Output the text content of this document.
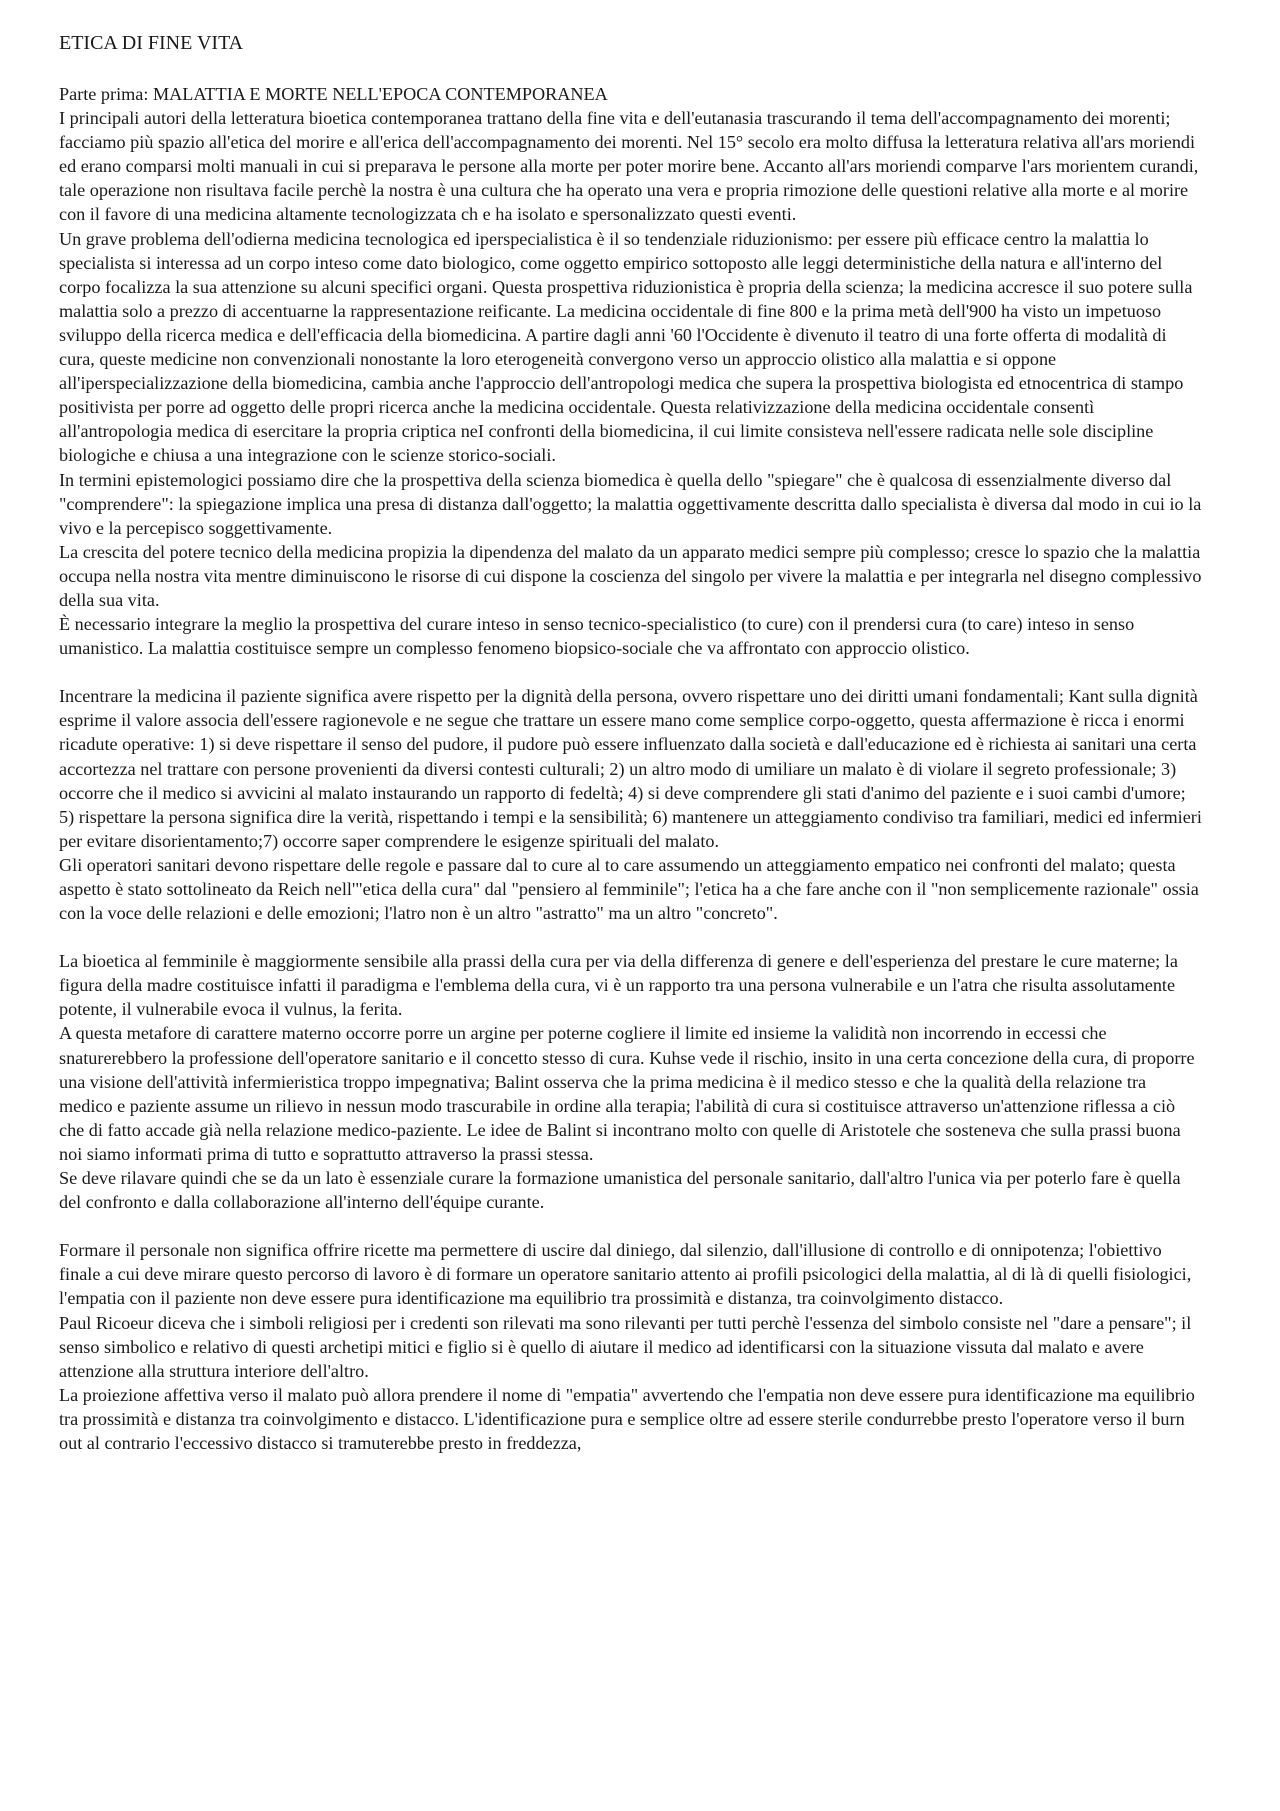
ETICA DI FINE VITA

Parte prima: MALATTIA E MORTE NELL'EPOCA CONTEMPORANEA

I principali autori della letteratura bioetica contemporanea trattano della fine vita e dell'eutanasia trascurando il tema dell'accompagnamento dei morenti; facciamo più spazio all'etica del morire e all'erica dell'accompagnamento dei morenti. Nel 15° secolo era molto diffusa la letteratura relativa all'ars moriendi ed erano comparsi molti manuali in cui si preparava le persone alla morte per poter morire bene. Accanto all'ars moriendi comparve l'ars morientem curandi, tale operazione non risultava facile perchè la nostra è una cultura che ha operato una vera e propria rimozione delle questioni relative alla morte e al morire con il favore di una medicina altamente tecnologizzata ch e ha isolato e spersonalizzato questi eventi.

Un grave problema dell'odierna medicina tecnologica ed iperspecialistica è il so tendenziale riduzionismo: per essere più efficace centro la malattia lo specialista si interessa ad un corpo inteso come dato biologico, come oggetto empirico sottoposto alle leggi deterministiche della natura e all'interno del corpo focalizza la sua attenzione su alcuni specifici organi. Questa prospettiva riduzionistica è propria della scienza; la medicina accresce il suo potere sulla malattia solo a prezzo di accentuarne la rappresentazione reificante. La medicina occidentale di fine 800 e la prima metà dell'900 ha visto un impetuoso sviluppo della ricerca medica e dell'efficacia della biomedicina. A partire dagli anni '60 l'Occidente è divenuto il teatro di una forte offerta di modalità di cura, queste medicine non convenzionali nonostante la loro eterogeneità convergono verso un approccio olistico alla malattia e si oppone all'iperspecializzazione della biomedicina, cambia anche l'approccio dell'antropologi medica che supera la prospettiva biologista ed etnocentrica di stampo positivista per porre ad oggetto delle propri ricerca anche la medicina occidentale. Questa relativizzazione della medicina occidentale consentì all'antropologia medica di esercitare la propria criptica neI confronti della biomedicina, il cui limite consisteva nell'essere radicata nelle sole discipline biologiche e chiusa a una integrazione con le scienze storico-sociali.

In termini epistemologici possiamo dire che la prospettiva della scienza biomedica è quella dello "spiegare" che è qualcosa di essenzialmente diverso dal "comprendere": la spiegazione implica una presa di distanza dall'oggetto; la malattia oggettivamente descritta dallo specialista è diversa dal modo in cui io la vivo e la percepisco soggettivamente.

La crescita del potere tecnico della medicina propizia la dipendenza del malato da un apparato medici sempre più complesso; cresce lo spazio che la malattia occupa nella nostra vita mentre diminuiscono le risorse di cui dispone la coscienza del singolo per vivere la malattia e per integrarla nel disegno complessivo della sua vita.

È necessario integrare la meglio la prospettiva del curare inteso in senso tecnico-specialistico (to cure) con il prendersi cura (to care) inteso in senso umanistico. La malattia costituisce sempre un complesso fenomeno biopsico-sociale che va affrontato con approccio olistico.

Incentrare la medicina il paziente significa avere rispetto per la dignità della persona, ovvero rispettare uno dei diritti umani fondamentali; Kant sulla dignità esprime il valore associa dell'essere ragionevole e ne segue che trattare un essere mano come semplice corpo-oggetto, questa affermazione è ricca i enormi ricadute operative: 1) si deve rispettare il senso del pudore, il pudore può essere influenzato dalla società e dall'educazione ed è richiesta ai sanitari una certa accortezza nel trattare con persone provenienti da diversi contesti culturali; 2) un altro modo di umiliare un malato è di violare il segreto professionale; 3) occorre che il medico si avvicini al malato instaurando un rapporto di fedeltà; 4) si deve comprendere gli stati d'animo del paziente e i suoi cambi d'umore; 5) rispettare la persona significa dire la verità, rispettando i tempi e la sensibilità; 6) mantenere un atteggiamento condiviso tra familiari, medici ed infermieri per evitare disorientamento;7) occorre saper comprendere le esigenze spirituali del malato.

Gli operatori sanitari devono rispettare delle regole e passare dal to cure al to care assumendo un atteggiamento empatico nei confronti del malato; questa aspetto è stato sottolineato da Reich nell'"etica della cura" dal "pensiero al femminile"; l'etica ha a che fare anche con il "non semplicemente razionale" ossia con la voce delle relazioni e delle emozioni; l'latro non è un altro "astratto" ma un altro "concreto".

La bioetica al femminile è maggiormente sensibile alla prassi della cura per via della differenza di genere e dell'esperienza del prestare le cure materne; la figura della madre costituisce infatti il paradigma e l'emblema della cura, vi è un rapporto tra una persona vulnerabile e un l'atra che risulta assolutamente potente, il vulnerabile evoca il vulnus, la ferita.

A questa metafore di carattere materno occorre porre un argine per poterne cogliere il limite ed insieme la validità non incorrendo in eccessi che snaturerebbero la professione dell'operatore sanitario e il concetto stesso di cura. Kuhse vede il rischio, insito in una certa concezione della cura, di proporre una visione dell'attività infermieristica troppo impegnativa; Balint osserva che la prima medicina è il medico stesso e che la qualità della relazione tra medico e paziente assume un rilievo in nessun modo trascurabile in ordine alla terapia; l'abilità di cura si costituisce attraverso un'attenzione riflessa a ciò che di fatto accade già nella relazione medico-paziente. Le idee de Balint si incontrano molto con quelle di Aristotele che sosteneva che sulla prassi buona noi siamo informati prima di tutto e soprattutto attraverso la prassi stessa.

Se deve rilavare quindi che se da un lato è essenziale curare la formazione umanistica del personale sanitario, dall'altro l'unica via per poterlo fare è quella del confronto e dalla collaborazione all'interno dell'équipe curante.

Formare il personale non significa offrire ricette ma permettere di uscire dal diniego, dal silenzio, dall'illusione di controllo e di onnipotenza; l'obiettivo finale a cui deve mirare questo percorso di lavoro è di formare un operatore sanitario attento ai profili psicologici della malattia, al di là di quelli fisiologici, l'empatia con il paziente non deve essere pura identificazione ma equilibrio tra prossimità e distanza, tra coinvolgimento distacco.

Paul Ricoeur diceva che i simboli religiosi per i credenti son rilevati ma sono rilevanti per tutti perchè l'essenza del simbolo consiste nel "dare a pensare"; il senso simbolico e relativo di questi archetipi mitici e figlio si è quello di aiutare il medico ad identificarsi con la situazione vissuta dal malato e avere attenzione alla struttura interiore dell'altro.

La proiezione affettiva verso il malato può allora prendere il nome di "empatia" avvertendo che l'empatia non deve essere pura identificazione ma equilibrio tra prossimità e distanza tra coinvolgimento e distacco. L'identificazione pura e semplice oltre ad essere sterile condurrebbe presto l'operatore verso il burn out al contrario l'eccessivo distacco si tramuterebbe presto in freddezza,
